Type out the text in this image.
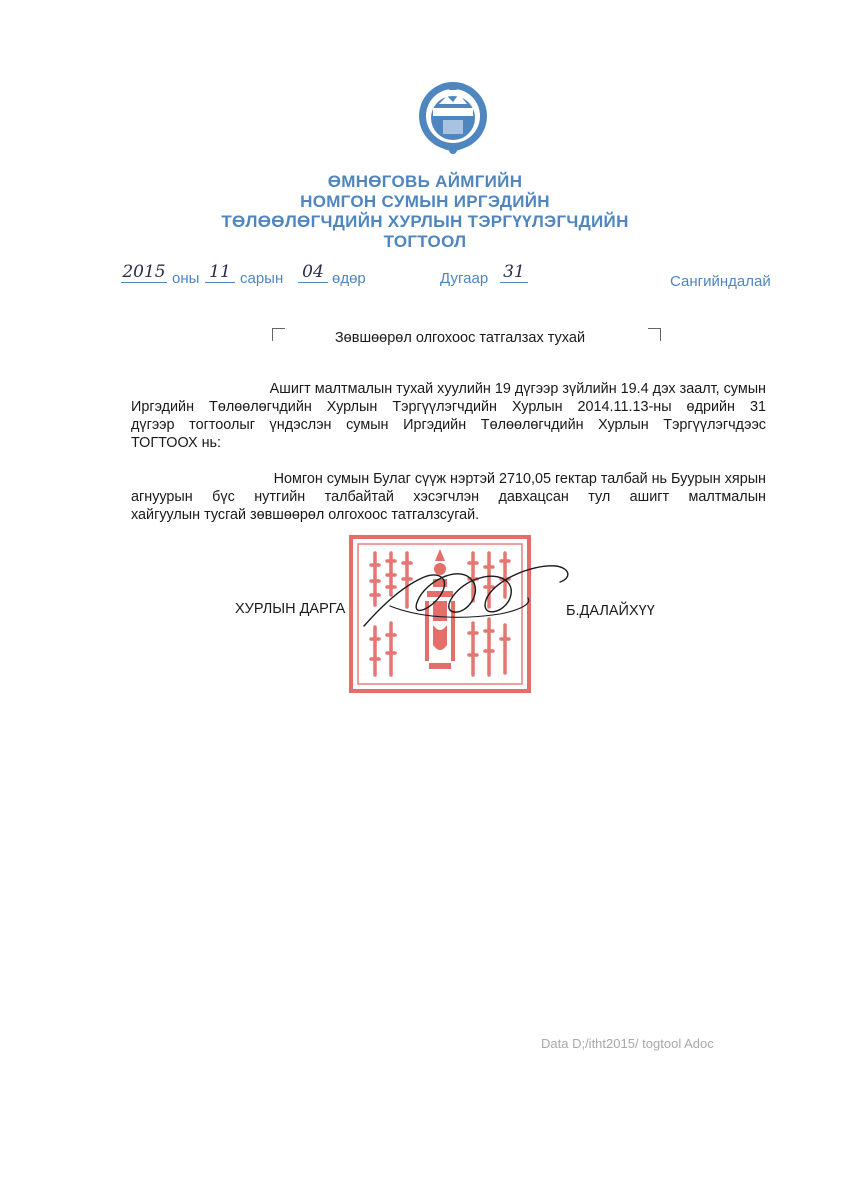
ӨМНӨГОВЬ АЙМГИЙН
НОМГОН СУМЫН ИРГЭДИЙН
ТӨЛӨӨЛӨГЧДИЙН ХУРЛЫН ТЭРГҮҮЛЭГЧДИЙН
ТОГТООЛ
2015 оны 11 сарын 04 өдөр	Дугаар 31	Сангийндалай
Зөвшөөрөл олгохоос татгалзах тухай
Ашигт малтмалын тухай хуулийн 19 дүгээр зүйлийн 19.4 дэх заалт, сумын
Иргэдийн Төлөөлөгчдийн Хурлын Тэргүүлэгчдийн Хурлын 2014.11.13-ны өдрийн 31
дүгээр тогтоолыг үндэслэн сумын Иргэдийн Төлөөлөгчдийн Хурлын Тэргүүлэгчдээс
ТОГТООХ нь:
Номгон сумын Булаг сүүж нэртэй 2710,05 гектар талбай нь Буурын хярын
агнуурын бүс нутгийн талбайтай хэсэгчлэн давхацсан тул ашигт малтмалын
хайгуулын тусгай зөвшөөрөл олгохоос татгалзсугай.
ХУРЛЫН ДАРГА	Б.ДАЛАЙХҮҮ
Data D;/itht2015/ togtool Adoc
